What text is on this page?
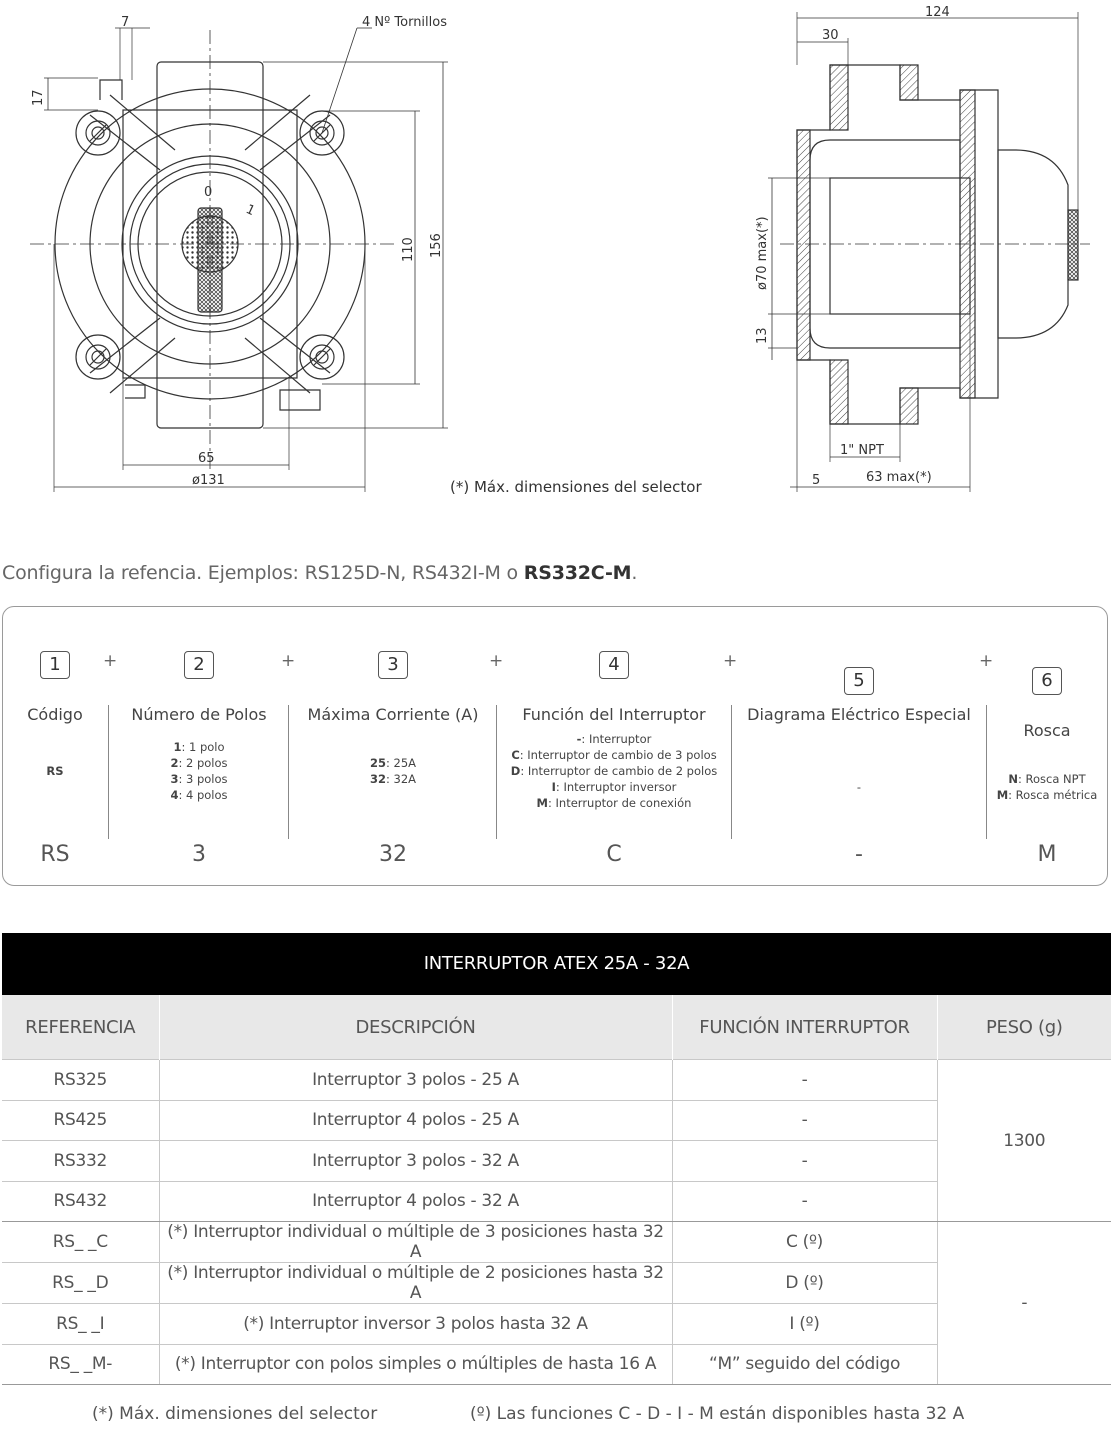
0
1
7
17
4 Nº Tornillos
110 156
65
ø131	(*) Máx. dimensiones del selector
124
30
ø70 max(*)
13
1" NPT
5	63 max(*)
Configura la refencia. Ejemplos: RS125D-N, RS432I-M o RS332C-M.
1
Código
RS
RS
+	2
Número de Polos
1: 1 polo
2: 2 polos
3: 3 polos
4: 4 polos
3
+	3
Máxima Corriente (A)
25: 25A
32: 32A
32
+	4
Función del Interruptor
-: Interruptor
C: Interruptor de cambio de 3 polos
D: Interruptor de cambio de 2 polos
I: Interruptor inversor
M: Interruptor de conexión
C
+
5
Diagrama Eléctrico Especial
-
-
+
6
Rosca
N: Rosca NPT
M: Rosca métrica
M
INTERRUPTOR ATEX 25A - 32A
REFERENCIA	DESCRIPCIÓN	FUNCIÓN INTERRUPTOR	PESO (g)
RS325	Interruptor 3 polos - 25 A	-	1300
RS425	Interruptor 4 polos - 25 A	-	
RS332	Interruptor 3 polos - 32 A	-	
RS432	Interruptor 4 polos - 32 A	-	
RS_ _C	(*) Interruptor individual o múltiple de 3 posiciones hasta 32 A	C (º)	-
RS_ _D	(*) Interruptor individual o múltiple de 2 posiciones hasta 32 A	D (º)	
RS_ _I	(*) Interruptor inversor 3 polos hasta 32 A	I (º)	
RS_ _M-	(*) Interruptor con polos simples o múltiples de hasta 16 A	“M” seguido del código	
(*) Máx. dimensiones del selector	(º) Las funciones C - D - I - M están disponibles hasta 32 A
